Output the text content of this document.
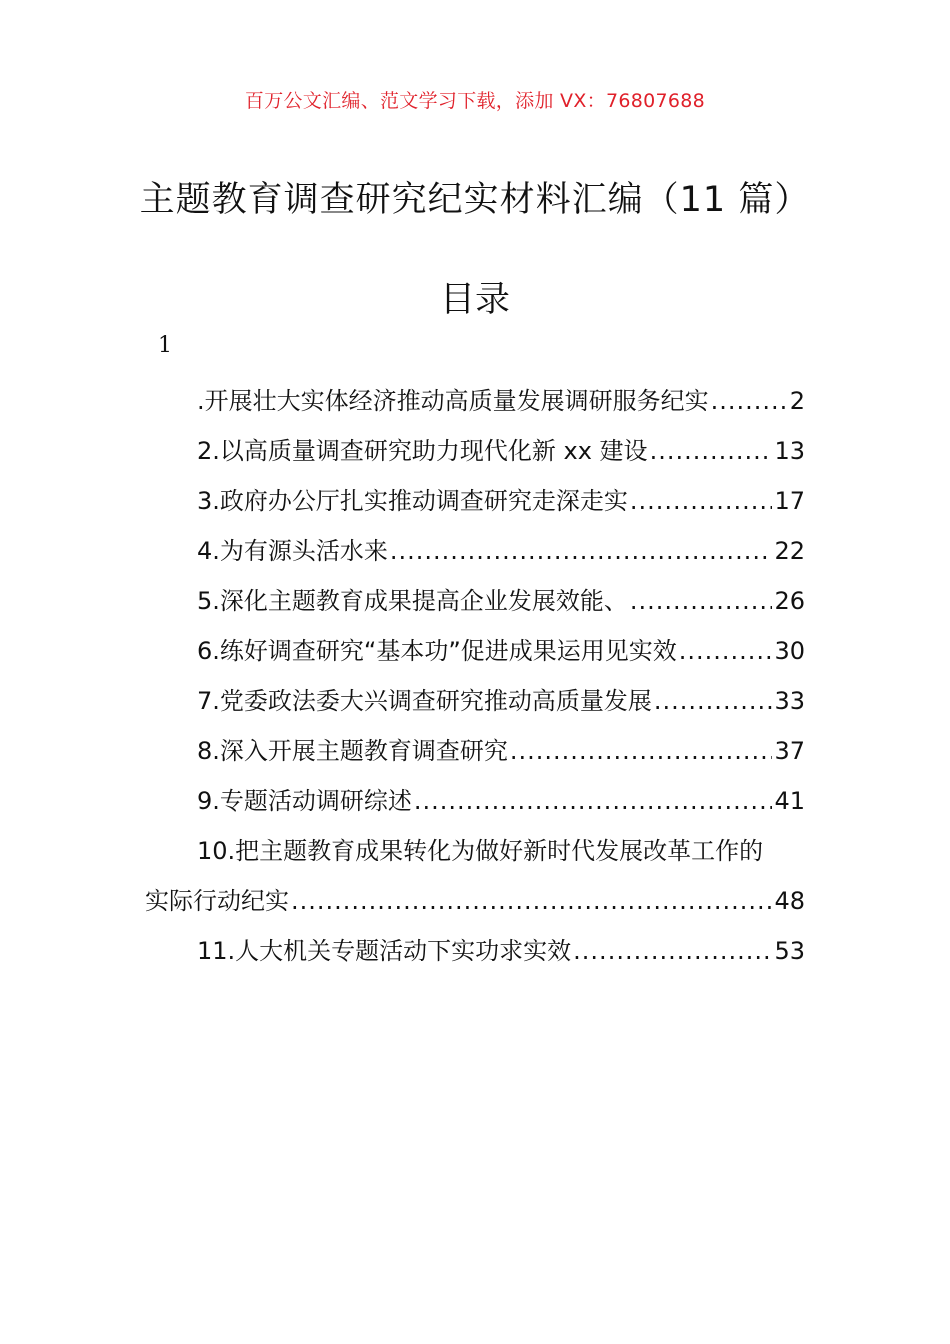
百万公文汇编、范文学习下载，添加 VX：76807688
主题教育调查研究纪实材料汇编（11 篇）
目录
1
.开展壮大实体经济推动高质量发展调研服务纪实 .....	2
2.以高质量调查研究助力现代化新 xx 建设 .....	13
3.政府办公厅扎实推动调查研究走深走实 .....	17
4.为有源头活水来 .....	22
5.深化主题教育成果提高企业发展效能、 .....	26
6.练好调查研究“基本功”促进成果运用见实效 .....	30
7.党委政法委大兴调查研究推动高质量发展 .....	33
8.深入开展主题教育调查研究 .....	37
9.专题活动调研综述 .....	41
10.把主题教育成果转化为做好新时代发展改革工作的
实际行动纪实 .....	48
11.人大机关专题活动下实功求实效 .....	53
